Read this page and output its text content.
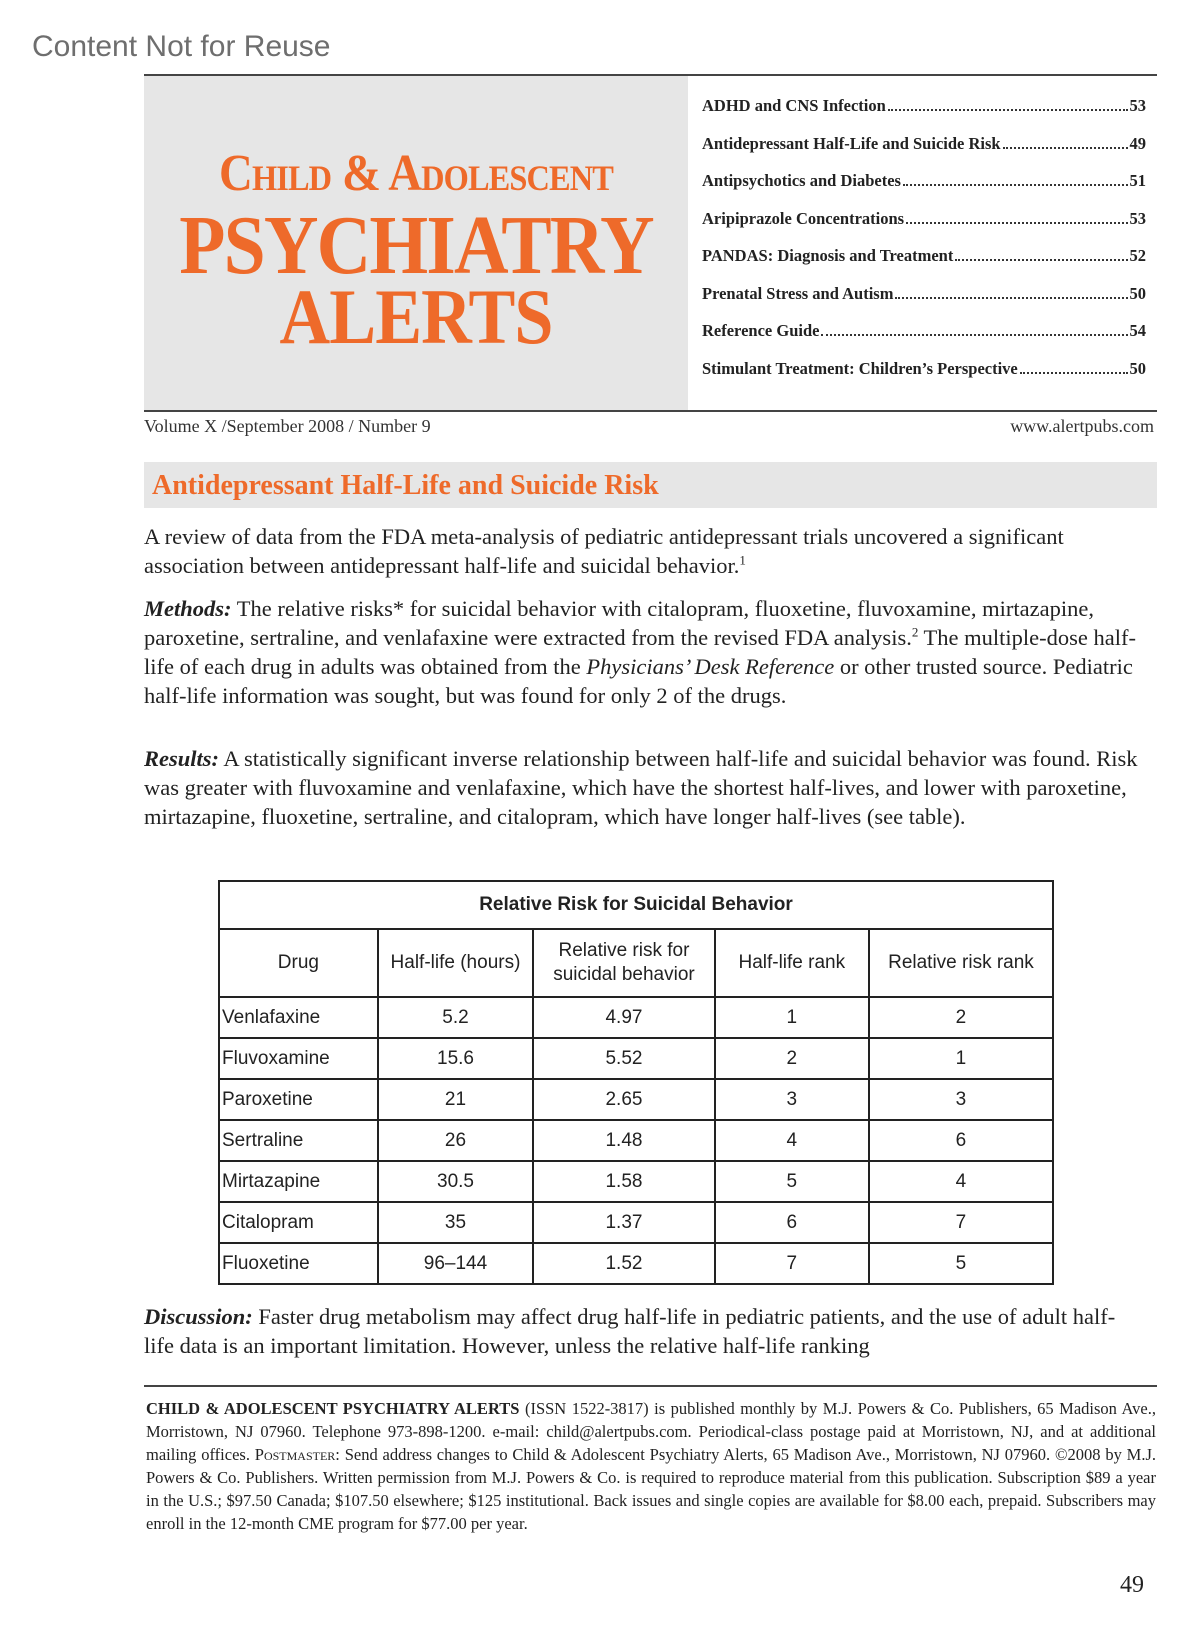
Content Not for Reuse
Child & Adolescent
PSYCHIATRY
ALERTS
ADHD and CNS Infection	53
Antidepressant Half-Life and Suicide Risk	49
Antipsychotics and Diabetes	51
Aripiprazole Concentrations	53
PANDAS: Diagnosis and Treatment	52
Prenatal Stress and Autism	50
Reference Guide	54
Stimulant Treatment: Children’s Perspective	50
Volume X /September 2008 / Number 9	www.alertpubs.com
Antidepressant Half-Life and Suicide Risk

A review of data from the FDA meta-analysis of pediatric antidepressant trials uncovered a significant association between antidepressant half-life and suicidal behavior.$^1$

Methods: The relative risks* for suicidal behavior with citalopram, fluoxetine, fluvoxamine, mirtazapine, paroxetine, sertraline, and venlafaxine were extracted from the revised FDA analysis.$^2$ The multiple-dose half-life of each drug in adults was obtained from the Physicians’ Desk Reference or other trusted source. Pediatric half-life information was sought, but was found for only 2 of the drugs.

Results: A statistically significant inverse relationship between half-life and suicidal behavior was found. Risk was greater with fluvoxamine and venlafaxine, which have the shortest half-lives, and lower with paroxetine, mirtazapine, fluoxetine, sertraline, and citalopram, which have longer half-lives (see table).

Relative Risk for Suicidal Behavior				
Drug	Half-life (hours)	Relative risk for suicidal behavior	Half-life rank	Relative risk rank
Venlafaxine	5.2	4.97	1	2
Fluvoxamine	15.6	5.52	2	1
Paroxetine	21	2.65	3	3
Sertraline	26	1.48	4	6
Mirtazapine	30.5	1.58	5	4
Citalopram	35	1.37	6	7
Fluoxetine	96–144	1.52	7	5

Discussion: Faster drug metabolism may affect drug half-life in pediatric patients, and the use of adult half-life data is an important limitation. However, unless the relative half-life ranking

CHILD & ADOLESCENT PSYCHIATRY ALERTS (ISSN 1522-3817) is published monthly by M.J. Powers & Co. Publishers, 65 Madison Ave., Morristown, NJ 07960. Telephone 973-898-1200. e-mail: child@alertpubs.com. Periodical-class postage paid at Morristown, NJ, and at additional mailing offices. Postmaster: Send address changes to Child & Adolescent Psychiatry Alerts, 65 Madison Ave., Morristown, NJ 07960. ©2008 by M.J. Powers & Co. Publishers. Written permission from M.J. Powers & Co. is required to reproduce material from this publication. Subscription $89 a year in the U.S.; $97.50 Canada; $107.50 elsewhere; $125 institutional. Back issues and single copies are available for $8.00 each, prepaid. Subscribers may enroll in the 12-month CME program for $77.00 per year.

49
